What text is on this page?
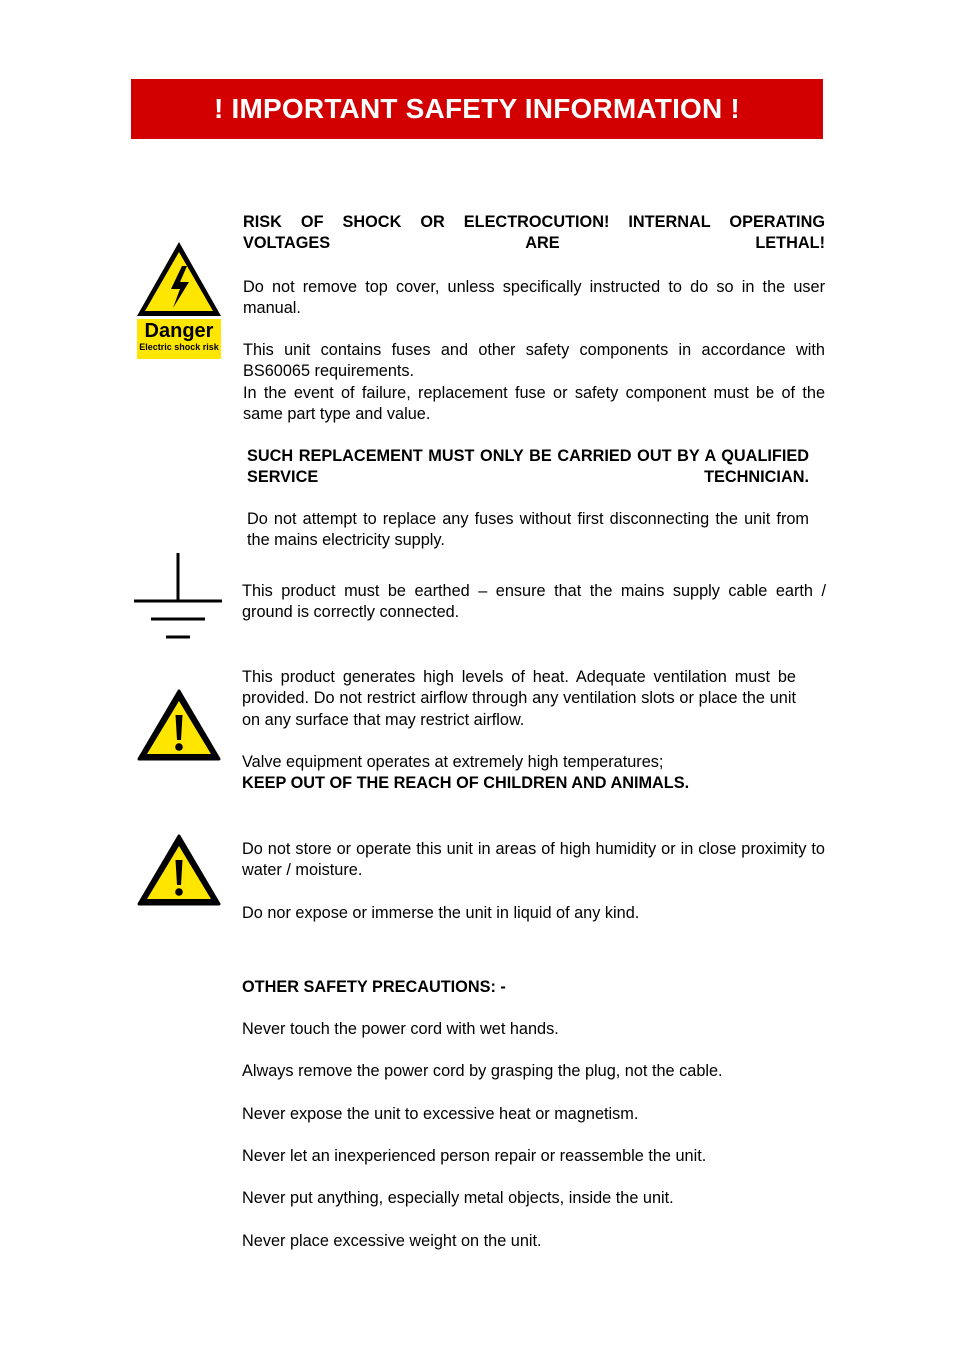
! IMPORTANT SAFETY INFORMATION !
Danger
Electric shock risk

RISK OF SHOCK OR ELECTROCUTION! INTERNAL OPERATING VOLTAGES ARE LETHAL!

Do not remove top cover, unless specifically instructed to do so in the user manual.

This unit contains fuses and other safety components in accordance with BS60065 requirements.

In the event of failure, replacement fuse or safety component must be of the same part type and value.

SUCH REPLACEMENT MUST ONLY BE CARRIED OUT BY A QUALIFIED SERVICE TECHNICIAN.

Do not attempt to replace any fuses without first disconnecting the unit from the mains electricity supply.

This product must be earthed – ensure that the mains supply cable earth / ground is correctly connected.

This product generates high levels of heat. Adequate ventilation must be provided. Do not restrict airflow through any ventilation slots or place the unit on any surface that may restrict airflow.

Valve equipment operates at extremely high temperatures;

KEEP OUT OF THE REACH OF CHILDREN AND ANIMALS.

Do not store or operate this unit in areas of high humidity or in close proximity to water / moisture.

Do nor expose or immerse the unit in liquid of any kind.

OTHER SAFETY PRECAUTIONS: -

Never touch the power cord with wet hands.

Always remove the power cord by grasping the plug, not the cable.

Never expose the unit to excessive heat or magnetism.

Never let an inexperienced person repair or reassemble the unit.

Never put anything, especially metal objects, inside the unit.

Never place excessive weight on the unit.
